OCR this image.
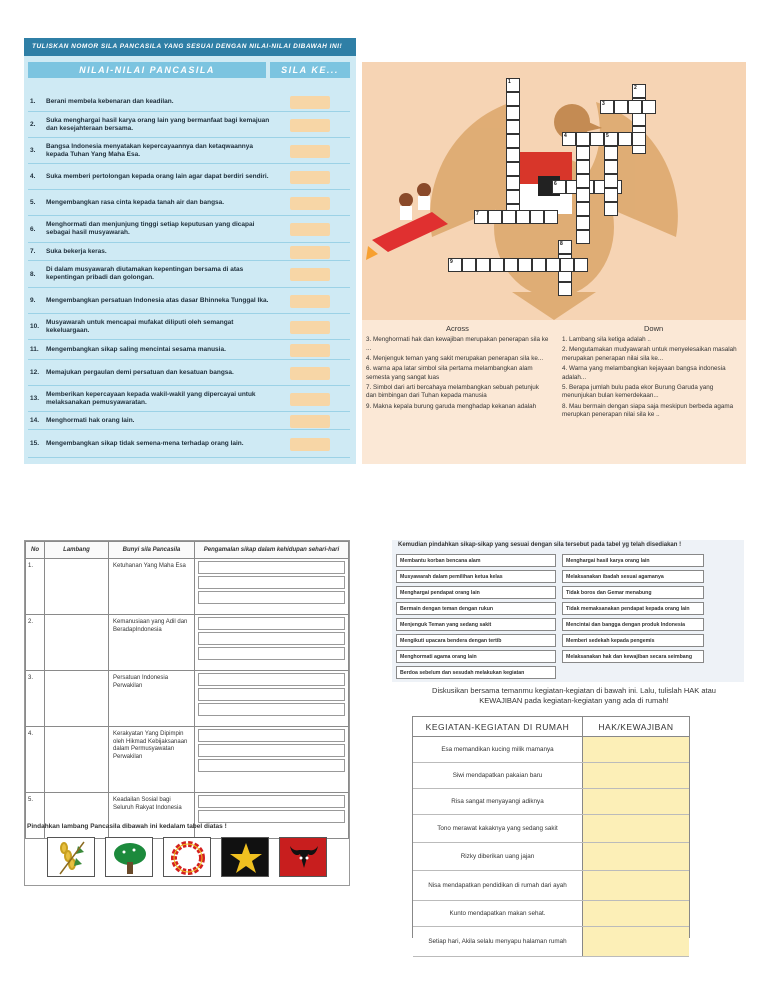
TULISKAN NOMOR SILA PANCASILA YANG SESUAI DENGAN NILAI-NILAI DIBAWAH INI!
NILAI-NILAI PANCASILA	SILA KE...
1.	Berani membela kebenaran dan keadilan.
2.
Suka menghargai hasil karya orang lain yang bermanfaat bagi kemajuan dan kesejahteraan bersama.
3.
Bangsa Indonesia menyatakan kepercayaannya dan ketaqwaannya kepada Tuhan Yang Maha Esa.
4.	Suka memberi pertolongan kepada orang lain agar dapat berdiri sendiri.
5.	Mengembangkan rasa cinta kepada tanah air dan bangsa.
6.
Menghormati dan menjunjung tinggi setiap keputusan yang dicapai sebagai hasil musyawarah.
7.	Suka bekerja keras.
8.
Di dalam musyawarah diutamakan kepentingan bersama di atas kepentingan pribadi dan golongan.
9.	Mengembangkan persatuan Indonesia atas dasar Bhinneka Tunggal Ika.
10.
Musyawarah untuk mencapai mufakat diliputi oleh semangat kekeluargaan.
11.	Mengembangkan sikap saling mencintai sesama manusia.
12.	Memajukan pergaulan demi persatuan dan kesatuan bangsa.
13.
Memberikan kepercayaan kepada wakil-wakil yang dipercayai untuk melaksanakan pemusyawaratan.
14.	Menghormati hak orang lain.
15.	Mengembangkan sikap tidak semena-mena terhadap orang lain.
1
2
3
4	5
6
7
8
9
Across	Down

3. Menghormati hak dan kewajiban merupakan penerapan sila ke ...

4. Menjenguk teman yang sakit merupakan penerapan sila ke...

6. warna apa latar simbol sila pertama melambangkan alam semesta yang sangat luas

7. Simbol dari arti bercahaya melambangkan sebuah petunjuk dan bimbingan dari Tuhan kepada manusia

9. Makna kepala burung garuda menghadap kekanan adalah

1. Lambang sila ketiga adalah ..

2. Mengutamakan mudyawarah untuk menyelesaikan masalah merupakan penerapan nilai sila ke...

4. Warna yang melambangkan kejayaan bangsa indonesia adalah...

5. Berapa jumlah bulu pada ekor Burung Garuda yang menunjukan bulan kemerdekaan...

8. Mau bermain dengan siapa saja meskipun berbeda agama merupkan penerapan nilai sila ke ..

No	Lambang	Bunyi sila Pancasila	Pengamalan sikap dalam kehidupan sehari-hari
1.		Ketuhanan Yang Maha Esa	

2.		Kemanusiaan yang Adil dan BeradapIndonesia	

3.		Persatuan Indonesia Perwakilan	

4.		Kerakyatan Yang Dipimpin oleh Hikmad Kebijaksanaan dalam Permusyawatan Perwakilan	

5.		Keadailan Sosial bagi Seluruh Rakyat Indonesia	
Pindahkan lambang Pancasila dibawah ini kedalam tabel diatas !
Kemudian pindahkan sikap-sikap yang sesuai dengan sila tersebut pada tabel yg telah disediakan !
Membantu korban bencana alam
Musyawarah dalam pemilihan ketua kelas
Menghargai pendapat orang lain
Bermain dengan teman dengan rukun
Menjenguk Teman yang sedang sakit
Mengikuti upacara bendera dengan tertib
Menghormati agama orang lain
Berdoa sebelum dan sesudah melakukan kegiatan
Menghargai hasil karya orang lain
Melaksanakan ibadah sesuai agamanya
Tidak boros dan Gemar menabung
Tidak memaksanakan pendapat kepada orang lain
Mencintai dan bangga dengan produk Indonesia
Memberi sedekah kepada pengemis
Melaksanakan hak dan kewajiban secara seimbang
Diskusikan bersama temanmu kegiatan-kegiatan di bawah ini. Lalu, tulislah HAK atau KEWAJIBAN pada kegiatan-kegiatan yang ada di rumah!
KEGIATAN-KEGIATAN DI RUMAH	HAK/KEWAJIBAN
Esa memandikan kucing milik mamanya
Siwi mendapatkan pakaian baru
Risa sangat menyayangi adiknya
Tono merawat kakaknya yang sedang sakit
Rizky diberikan uang jajan
Nisa mendapatkan pendidikan di rumah dari ayah
Kunto mendapatkan makan sehat.
Setiap hari, Akila selalu menyapu halaman rumah
